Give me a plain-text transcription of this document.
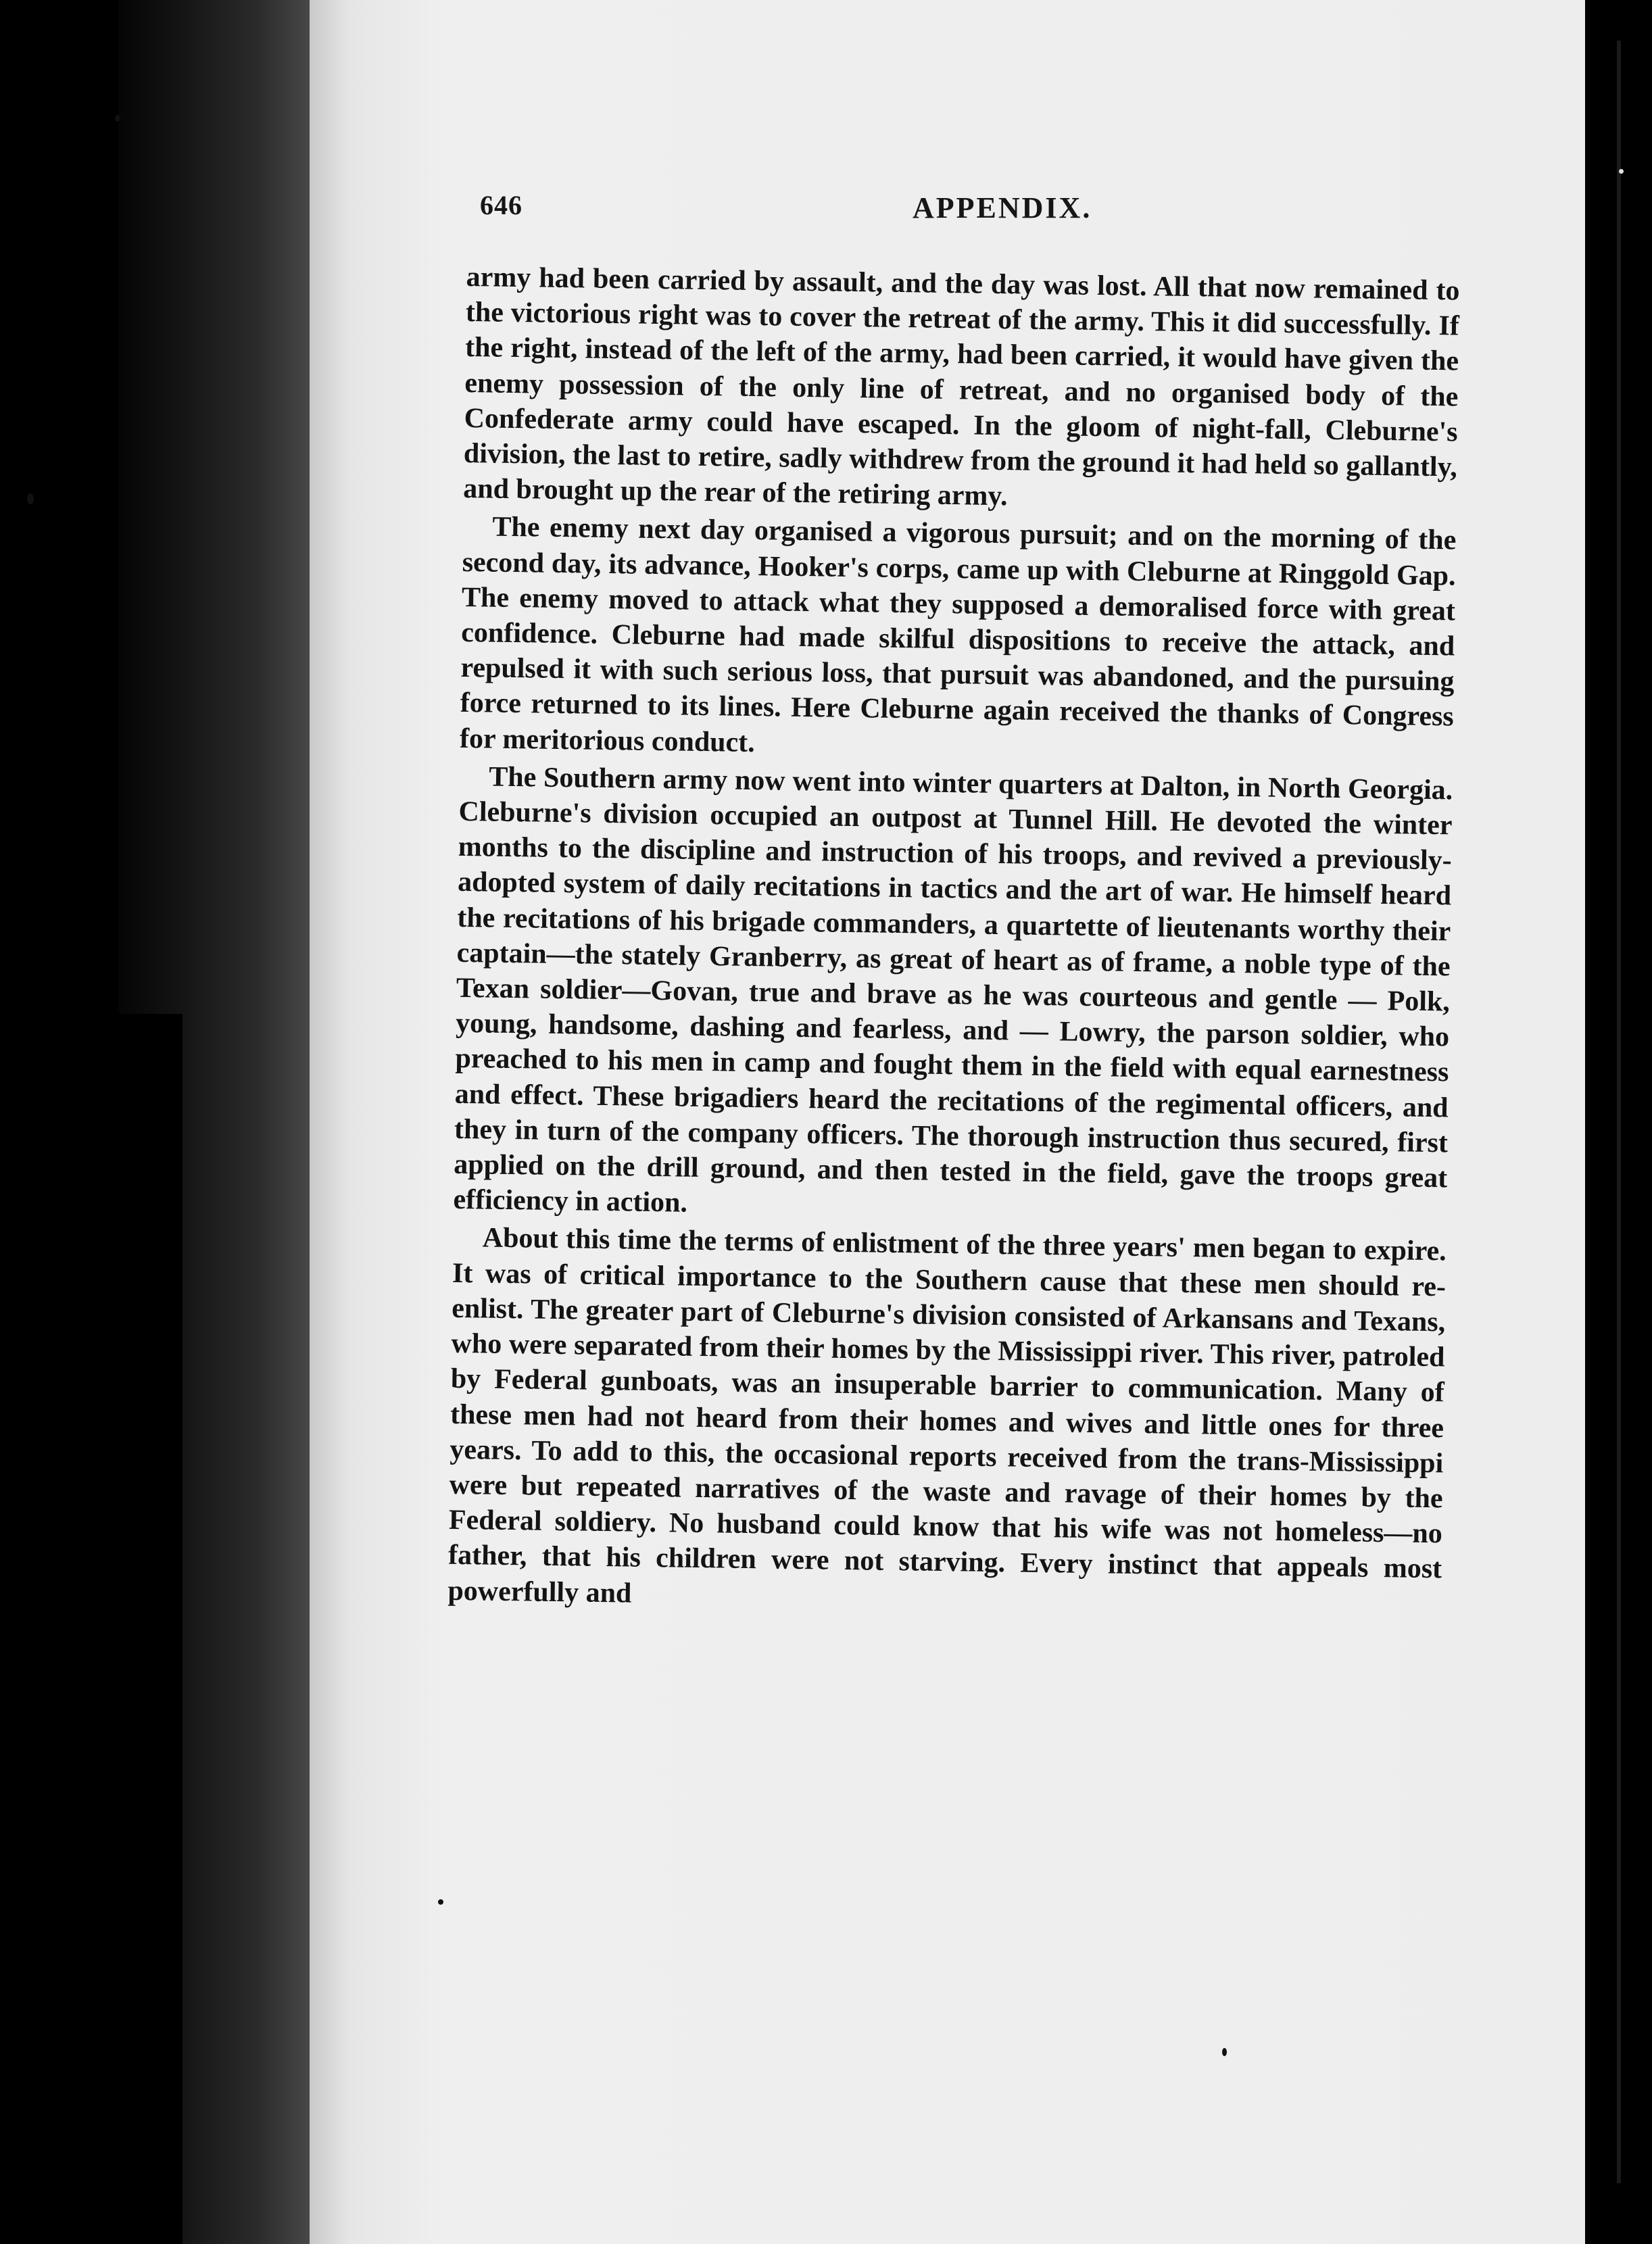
646	APPENDIX.

army had been carried by assault, and the day was lost. All that now remained to the victorious right was to cover the retreat of the army. This it did successfully. If the right, instead of the left of the army, had been carried, it would have given the enemy possession of the only line of retreat, and no organised body of the Confederate army could have escaped. In the gloom of night-fall, Cleburne's division, the last to retire, sadly withdrew from the ground it had held so gallantly, and brought up the rear of the retiring army.

The enemy next day organised a vigorous pursuit; and on the morning of the second day, its advance, Hooker's corps, came up with Cleburne at Ringgold Gap. The enemy moved to attack what they supposed a demoralised force with great confidence. Cleburne had made skilful dispositions to receive the attack, and repulsed it with such serious loss, that pursuit was abandoned, and the pursuing force returned to its lines. Here Cleburne again received the thanks of Congress for meritorious conduct.

The Southern army now went into winter quarters at Dalton, in North Georgia. Cleburne's division occupied an outpost at Tunnel Hill. He devoted the winter months to the discipline and instruction of his troops, and revived a previously-adopted system of daily recitations in tactics and the art of war. He himself heard the recitations of his brigade commanders, a quartette of lieutenants worthy their captain—the stately Granberry, as great of heart as of frame, a noble type of the Texan soldier—Govan, true and brave as he was courteous and gentle — Polk, young, handsome, dashing and fearless, and — Lowry, the parson soldier, who preached to his men in camp and fought them in the field with equal earnestness and effect. These brigadiers heard the recitations of the regimental officers, and they in turn of the company officers. The thorough instruction thus secured, first applied on the drill ground, and then tested in the field, gave the troops great efficiency in action.

About this time the terms of enlistment of the three years' men began to expire. It was of critical importance to the Southern cause that these men should re-enlist. The greater part of Cleburne's division consisted of Arkansans and Texans, who were separated from their homes by the Mississippi river. This river, patroled by Federal gunboats, was an insuperable barrier to communication. Many of these men had not heard from their homes and wives and little ones for three years. To add to this, the occasional reports received from the trans-Mississippi were but repeated narratives of the waste and ravage of their homes by the Federal soldiery. No husband could know that his wife was not homeless—no father, that his children were not starving. Every instinct that appeals most powerfully and
